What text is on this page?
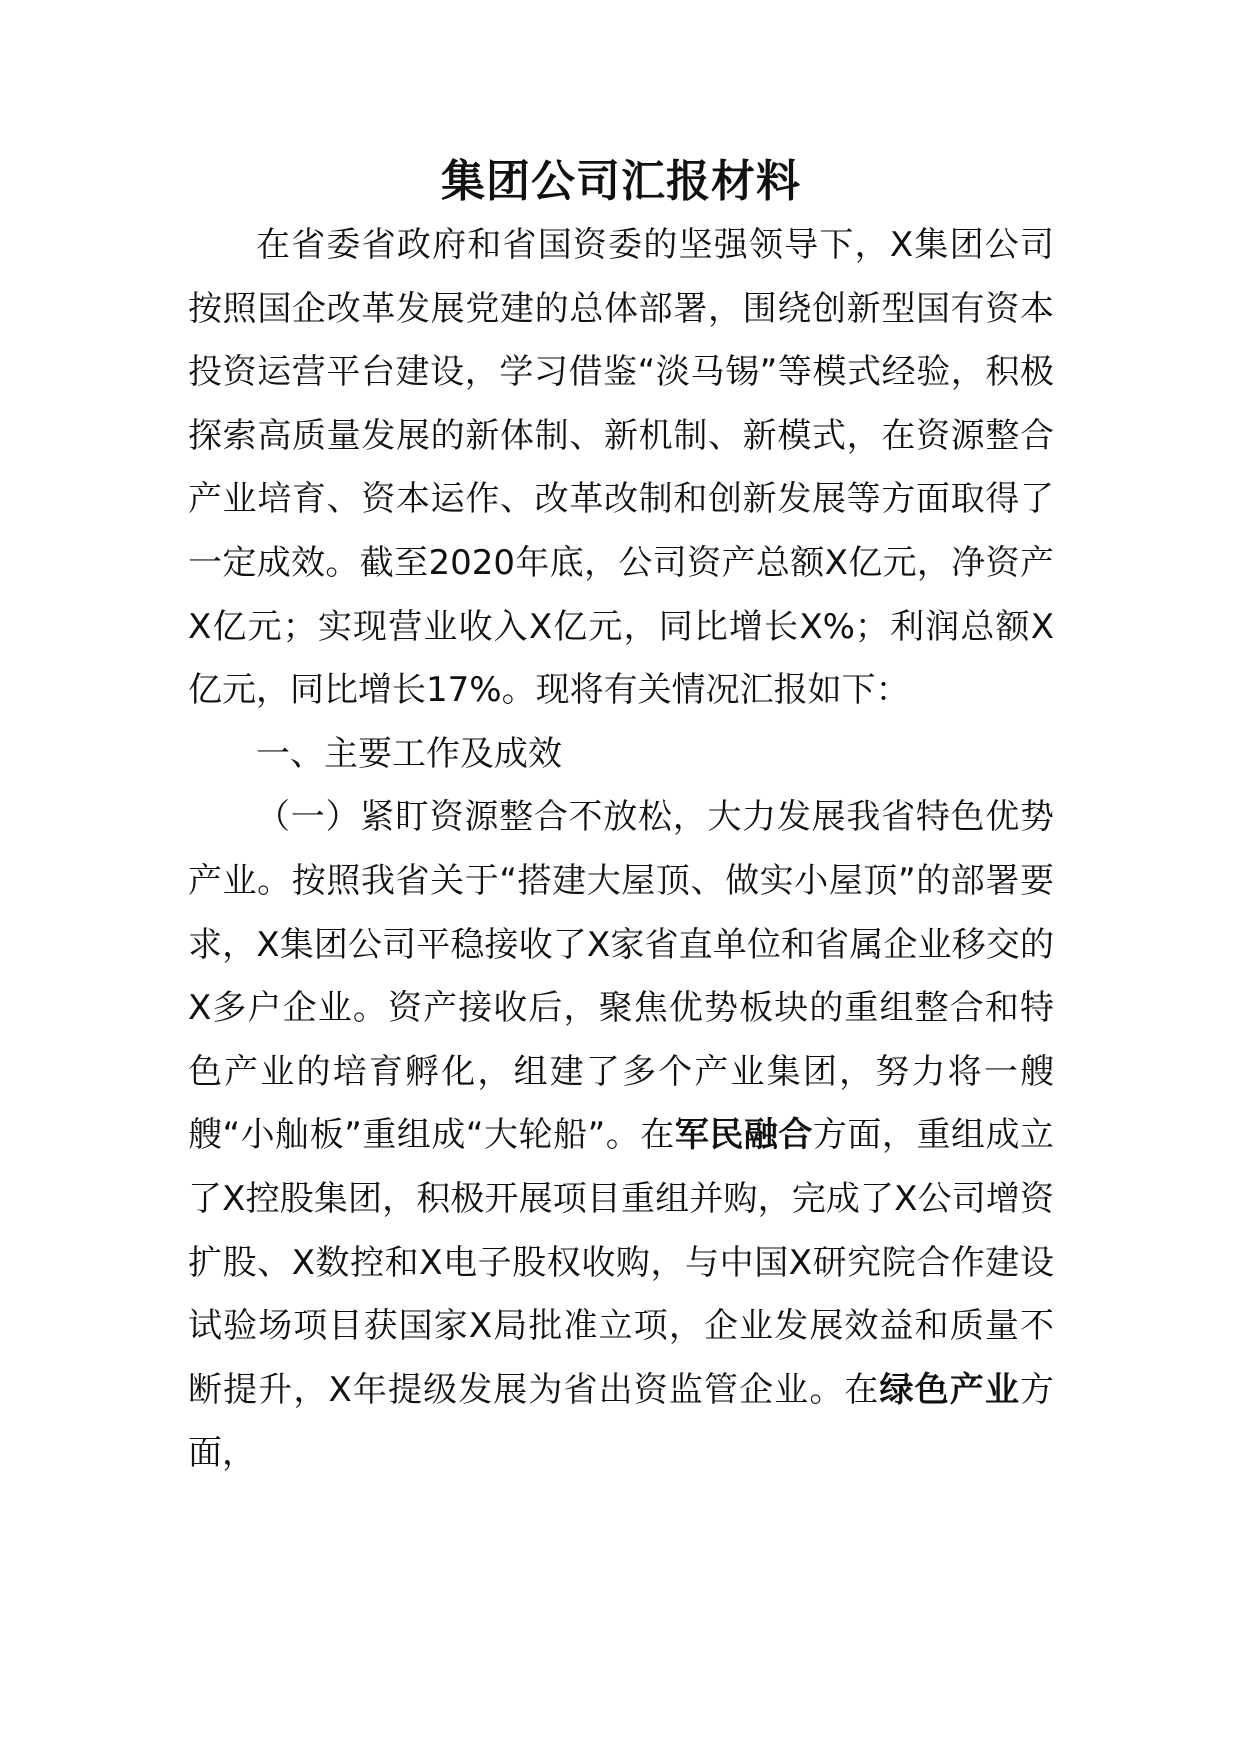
集团公司汇报材料

在省委省政府和省国资委的坚强领导下，X集团公司按照国企改革发展党建的总体部署，围绕创新型国有资本投资运营平台建设，学习借鉴“淡马锡”等模式经验，积极探索高质量发展的新体制、新机制、新模式，在资源整合产业培育、资本运作、改革改制和创新发展等方面取得了一定成效。截至2020年底，公司资产总额X亿元，净资产X亿元；实现营业收入X亿元，同比增长X%；利润总额X亿元，同比增长17%。现将有关情况汇报如下：

一、主要工作及成效

（一）紧盯资源整合不放松，大力发展我省特色优势产业。按照我省关于“搭建大屋顶、做实小屋顶”的部署要求，X集团公司平稳接收了X家省直单位和省属企业移交的X多户企业。资产接收后，聚焦优势板块的重组整合和特色产业的培育孵化，组建了多个产业集团，努力将一艘艘“小舢板”重组成“大轮船”。在军民融合方面，重组成立了X控股集团，积极开展项目重组并购，完成了X公司增资扩股、X数控和X电子股权收购，与中国X研究院合作建设试验场项目获国家X局批准立项，企业发展效益和质量不断提升，X年提级发展为省出资监管企业。在绿色产业方面，
